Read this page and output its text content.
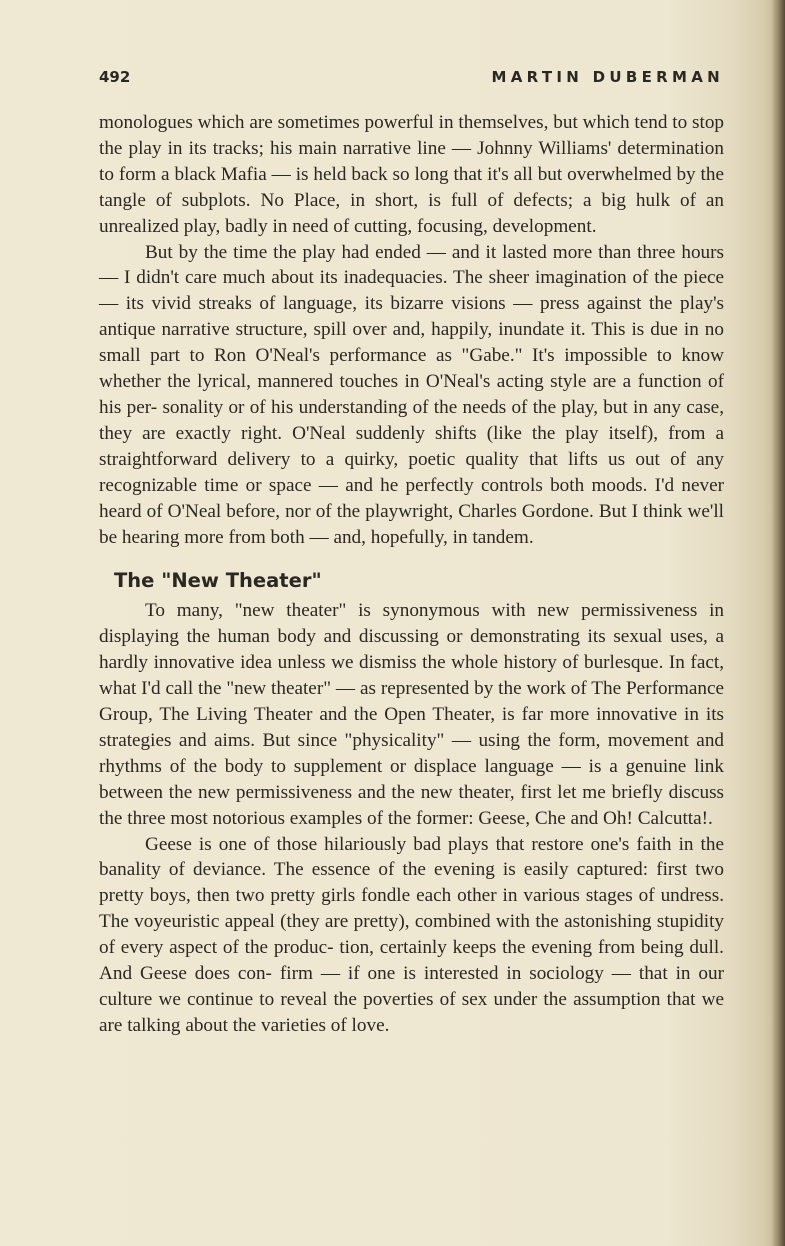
492	MARTIN DUBERMAN

monologues which are sometimes powerful in themselves, but which tend to stop the play in its tracks; his main narrative line — Johnny Williams' determination to form a black Mafia — is held back so long that it's all but overwhelmed by the tangle of subplots. No Place, in short, is full of defects; a big hulk of an unrealized play, badly in need of cutting, focusing, development.

But by the time the play had ended — and it lasted more than three hours — I didn't care much about its inadequacies. The sheer imagination of the piece — its vivid streaks of language, its bizarre visions — press against the play's antique narrative structure, spill over and, happily, inundate it. This is due in no small part to Ron O'Neal's performance as "Gabe." It's impossible to know whether the lyrical, mannered touches in O'Neal's acting style are a function of his per- sonality or of his understanding of the needs of the play, but in any case, they are exactly right. O'Neal suddenly shifts (like the play itself), from a straightforward delivery to a quirky, poetic quality that lifts us out of any recognizable time or space — and he perfectly controls both moods. I'd never heard of O'Neal before, nor of the playwright, Charles Gordone. But I think we'll be hearing more from both — and, hopefully, in tandem.

The "New Theater"

To many, "new theater" is synonymous with new permissiveness in displaying the human body and discussing or demonstrating its sexual uses, a hardly innovative idea unless we dismiss the whole history of burlesque. In fact, what I'd call the "new theater" — as represented by the work of The Performance Group, The Living Theater and the Open Theater, is far more innovative in its strategies and aims. But since "physicality" — using the form, movement and rhythms of the body to supplement or displace language — is a genuine link between the new permissiveness and the new theater, first let me briefly discuss the three most notorious examples of the former: Geese, Che and Oh! Calcutta!.

Geese is one of those hilariously bad plays that restore one's faith in the banality of deviance. The essence of the evening is easily captured: first two pretty boys, then two pretty girls fondle each other in various stages of undress. The voyeuristic appeal (they are pretty), combined with the astonishing stupidity of every aspect of the produc- tion, certainly keeps the evening from being dull. And Geese does con- firm — if one is interested in sociology — that in our culture we continue to reveal the poverties of sex under the assumption that we are talking about the varieties of love.
